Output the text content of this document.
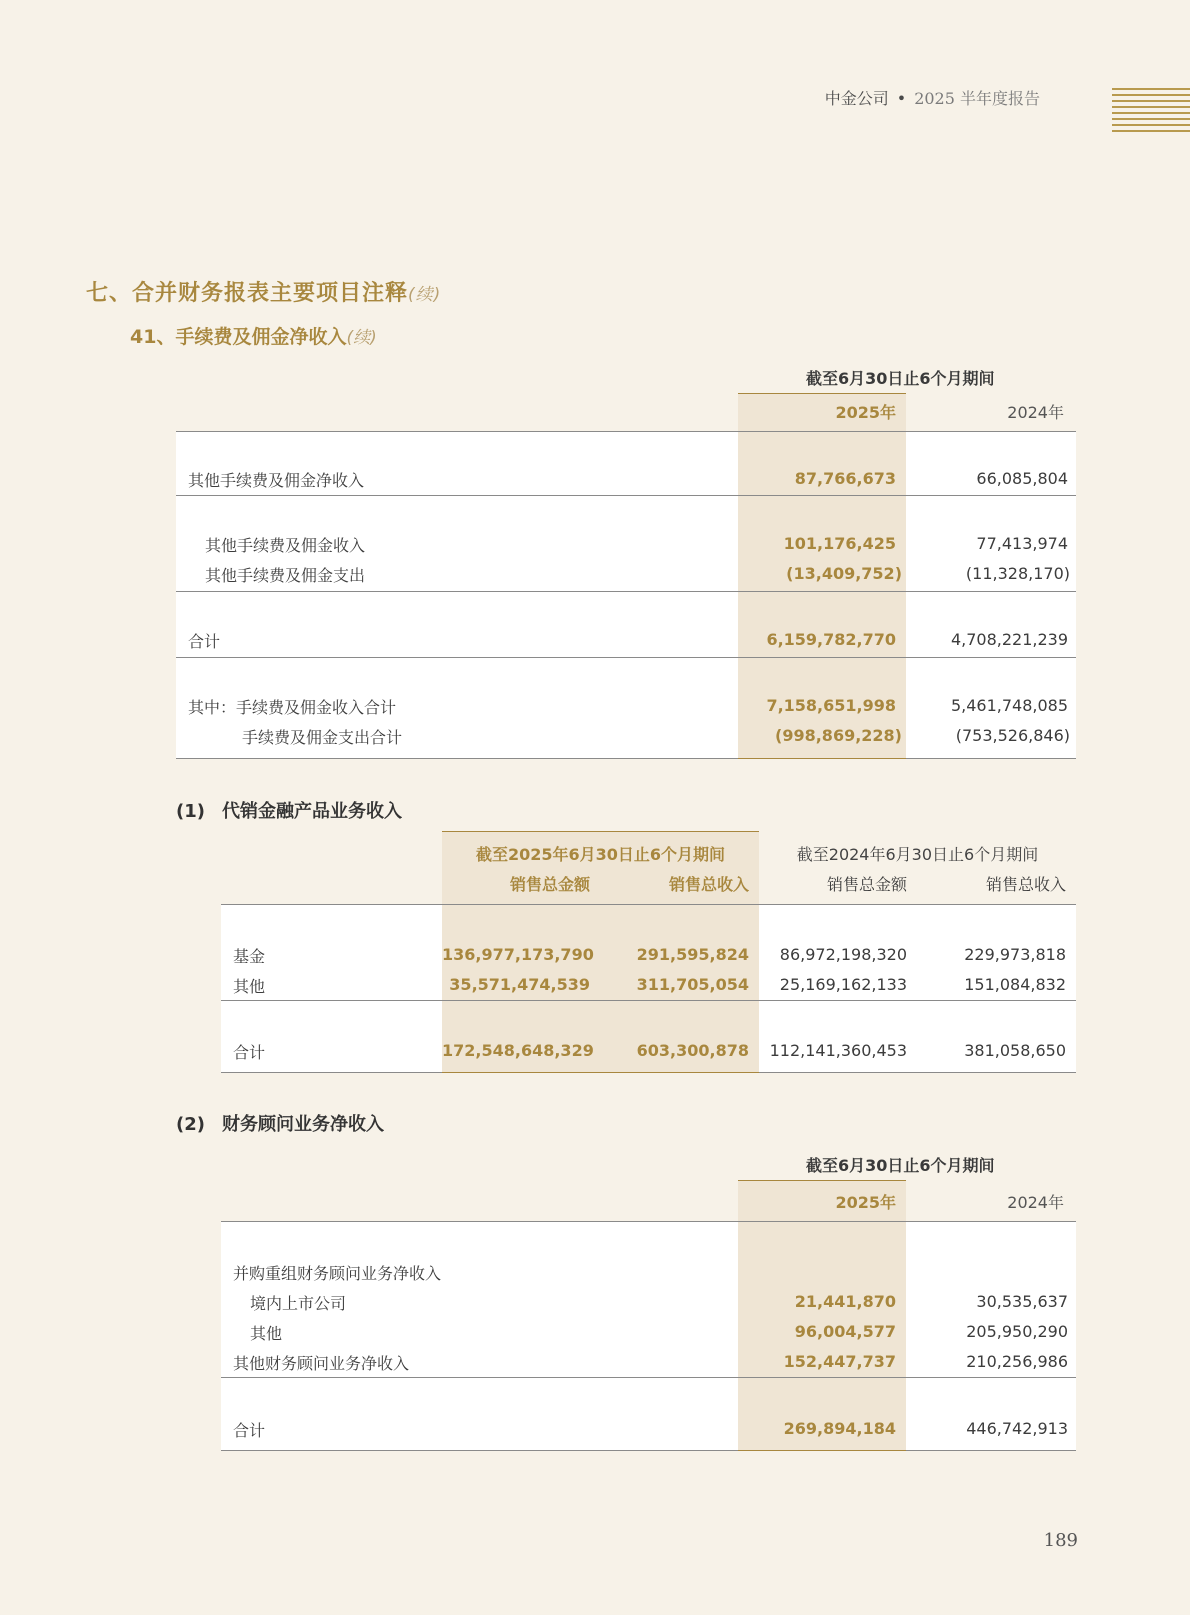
中金公司 • 2025 半年度报告
七、合并财务报表主要项目注释(续)
41、手续费及佣金净收入(续)
截至6月30日止6个月期间
2025年	2024年
其他手续费及佣金净收入	87,766,673	66,085,804
其他手续费及佣金收入	101,176,425	77,413,974
其他手续费及佣金支出	(13,409,752)	(11,328,170)
合计	6,159,782,770	4,708,221,239
其中：手续费及佣金收入合计	7,158,651,998	5,461,748,085
手续费及佣金支出合计	(998,869,228)	(753,526,846)
(1) 代销金融产品业务收入
截至2025年6月30日止6个月期间	截至2024年6月30日止6个月期间
销售总金额	销售总收入	销售总金额	销售总收入
基金	136,977,173,790	291,595,824	86,972,198,320	229,973,818
其他	35,571,474,539	311,705,054	25,169,162,133	151,084,832
合计	172,548,648,329	603,300,878	112,141,360,453	381,058,650
(2) 财务顾问业务净收入
截至6月30日止6个月期间
2025年	2024年
并购重组财务顾问业务净收入
境内上市公司	21,441,870	30,535,637
其他	96,004,577	205,950,290
其他财务顾问业务净收入	152,447,737	210,256,986
合计	269,894,184	446,742,913
189
